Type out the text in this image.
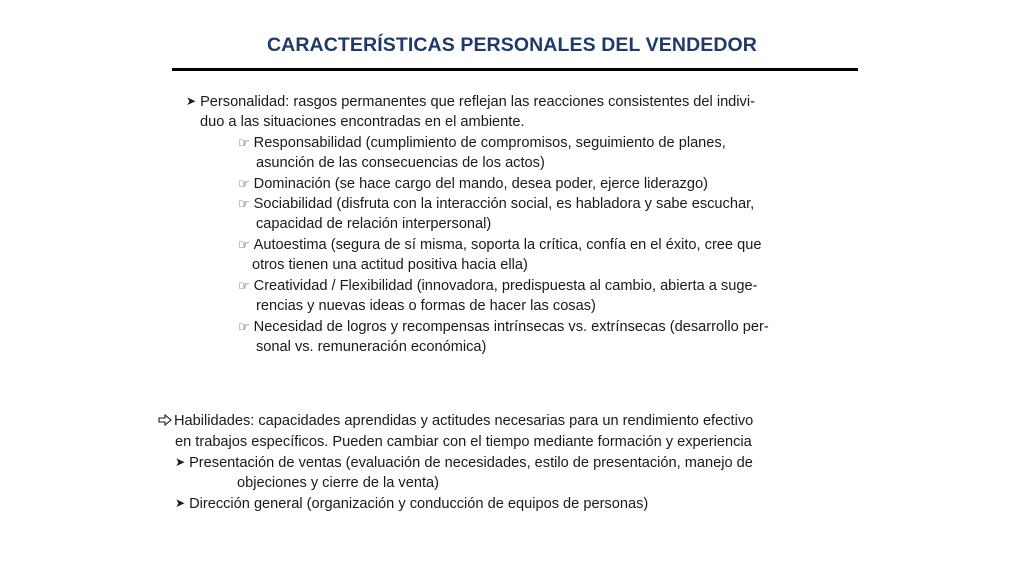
CARACTERÍSTICAS PERSONALES DEL VENDEDOR
➤ Personalidad: rasgos permanentes que reflejan las reacciones consistentes del indivi-
duo a las situaciones encontradas en el ambiente.
☞ Responsabilidad (cumplimiento de compromisos, seguimiento de planes,
asunción de las consecuencias de los actos)
☞ Dominación (se hace cargo del mando, desea poder, ejerce liderazgo)
☞ Sociabilidad (disfruta con la interacción social, es habladora y sabe escuchar,
capacidad de relación interpersonal)
☞ Autoestima (segura de sí misma, soporta la crítica, confía en el éxito, cree que
otros tienen una actitud positiva hacia ella)
☞ Creatividad / Flexibilidad (innovadora, predispuesta al cambio, abierta a suge-
rencias y nuevas ideas o formas de hacer las cosas)
☞ Necesidad de logros y recompensas intrínsecas vs. extrínsecas (desarrollo per-
sonal vs. remuneración económica)
Habilidades: capacidades aprendidas y actitudes necesarias para un rendimiento efectivo
en trabajos específicos. Pueden cambiar con el tiempo mediante formación y experiencia
➤ Presentación de ventas (evaluación de necesidades, estilo de presentación, manejo de
objeciones y cierre de la venta)
➤ Dirección general (organización y conducción de equipos de personas)
